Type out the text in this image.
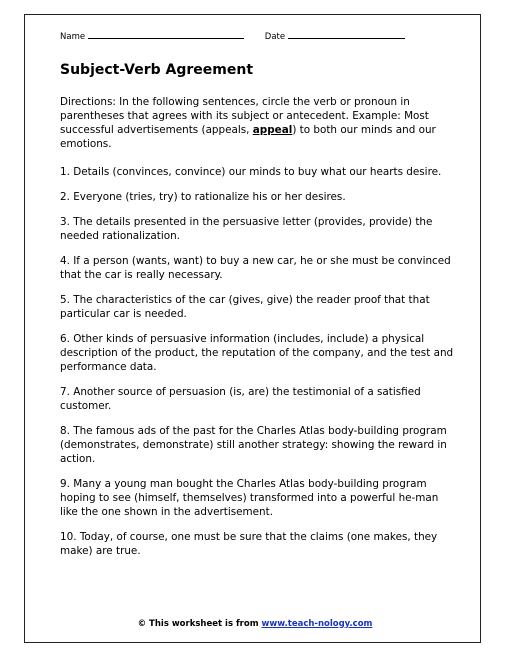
Name	Date
Subject-Verb Agreement

Directions: In the following sentences, circle the verb or pronoun in parentheses that agrees with its subject or antecedent. Example: Most successful advertisements (appeals, appeal) to both our minds and our emotions.

1. Details (convinces, convince) our minds to buy what our hearts desire.

2. Everyone (tries, try) to rationalize his or her desires.

3. The details presented in the persuasive letter (provides, provide) the needed rationalization.

4. If a person (wants, want) to buy a new car, he or she must be convinced that the car is really necessary.

5. The characteristics of the car (gives, give) the reader proof that that particular car is needed.

6. Other kinds of persuasive information (includes, include) a physical description of the product, the reputation of the company, and the test and performance data.

7. Another source of persuasion (is, are) the testimonial of a satisfied customer.

8. The famous ads of the past for the Charles Atlas body-building program (demonstrates, demonstrate) still another strategy: showing the reward in action.

9. Many a young man bought the Charles Atlas body-building program hoping to see (himself, themselves) transformed into a powerful he-man like the one shown in the advertisement.

10. Today, of course, one must be sure that the claims (one makes, they make) are true.

© This worksheet is from www.teach-nology.com
